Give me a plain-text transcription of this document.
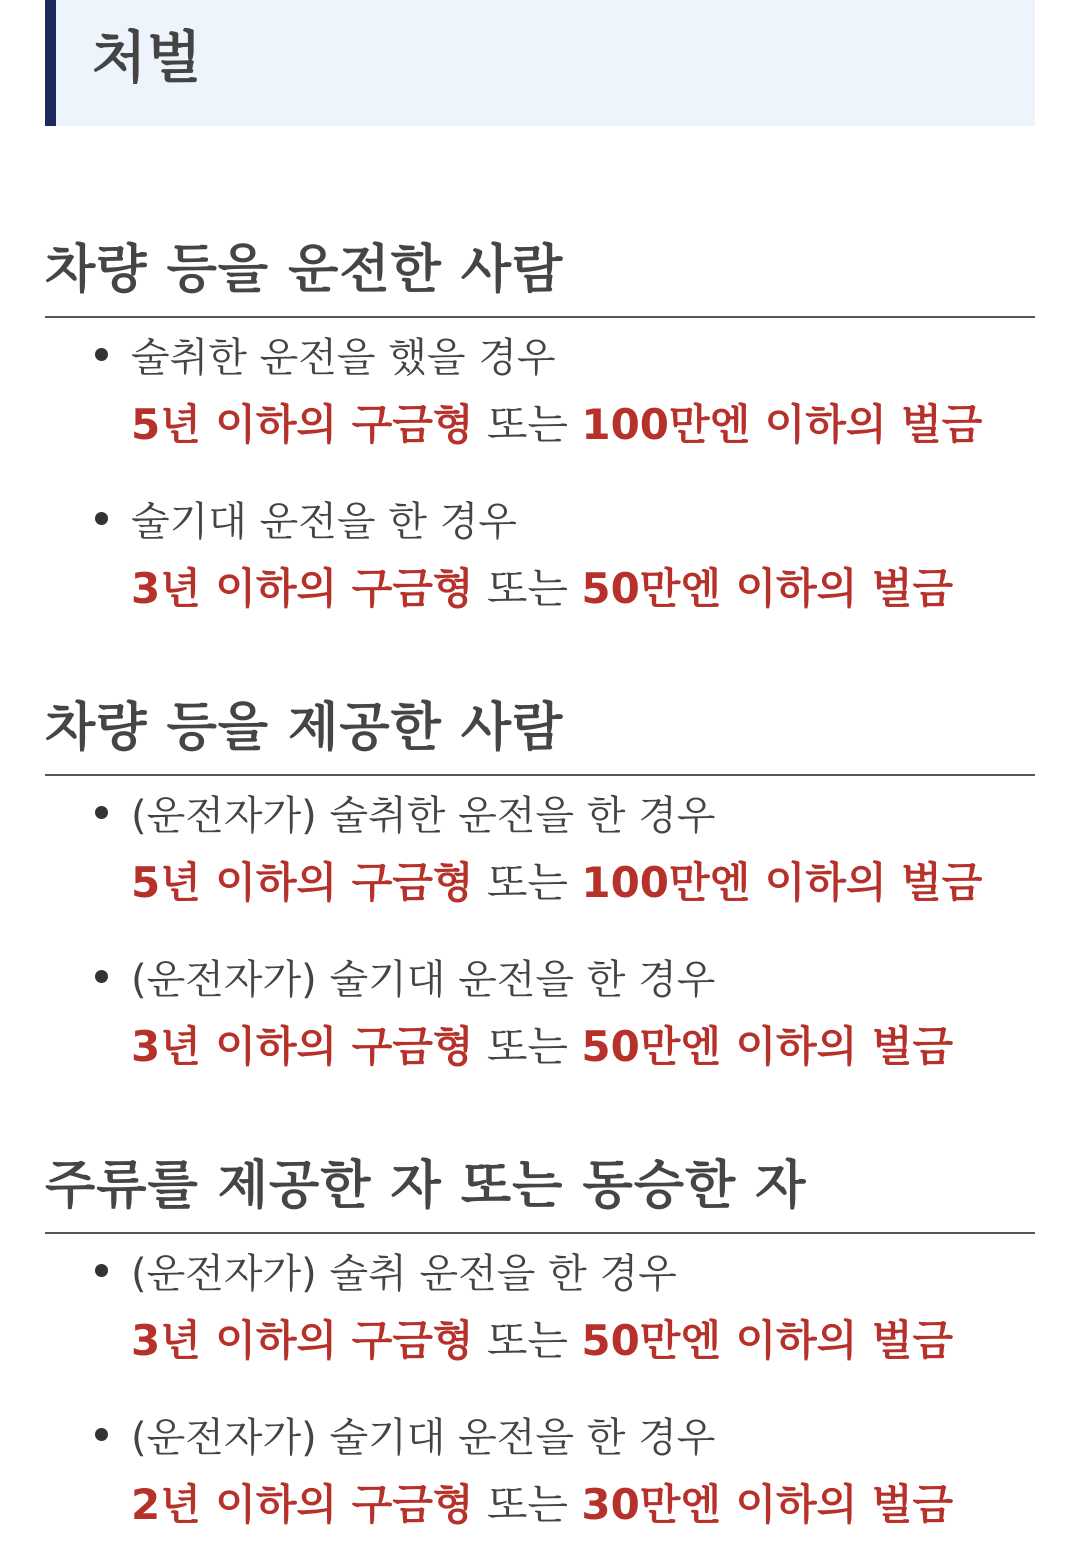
처벌
차량 등을 운전한 사람
술취한 운전을 했을 경우
5년 이하의 구금형 또는 100만엔 이하의 벌금
술기대 운전을 한 경우
3년 이하의 구금형 또는 50만엔 이하의 벌금
차량 등을 제공한 사람
(운전자가) 술취한 운전을 한 경우
5년 이하의 구금형 또는 100만엔 이하의 벌금
(운전자가) 술기대 운전을 한 경우
3년 이하의 구금형 또는 50만엔 이하의 벌금
주류를 제공한 자 또는 동승한 자
(운전자가) 술취 운전을 한 경우
3년 이하의 구금형 또는 50만엔 이하의 벌금
(운전자가) 술기대 운전을 한 경우
2년 이하의 구금형 또는 30만엔 이하의 벌금
